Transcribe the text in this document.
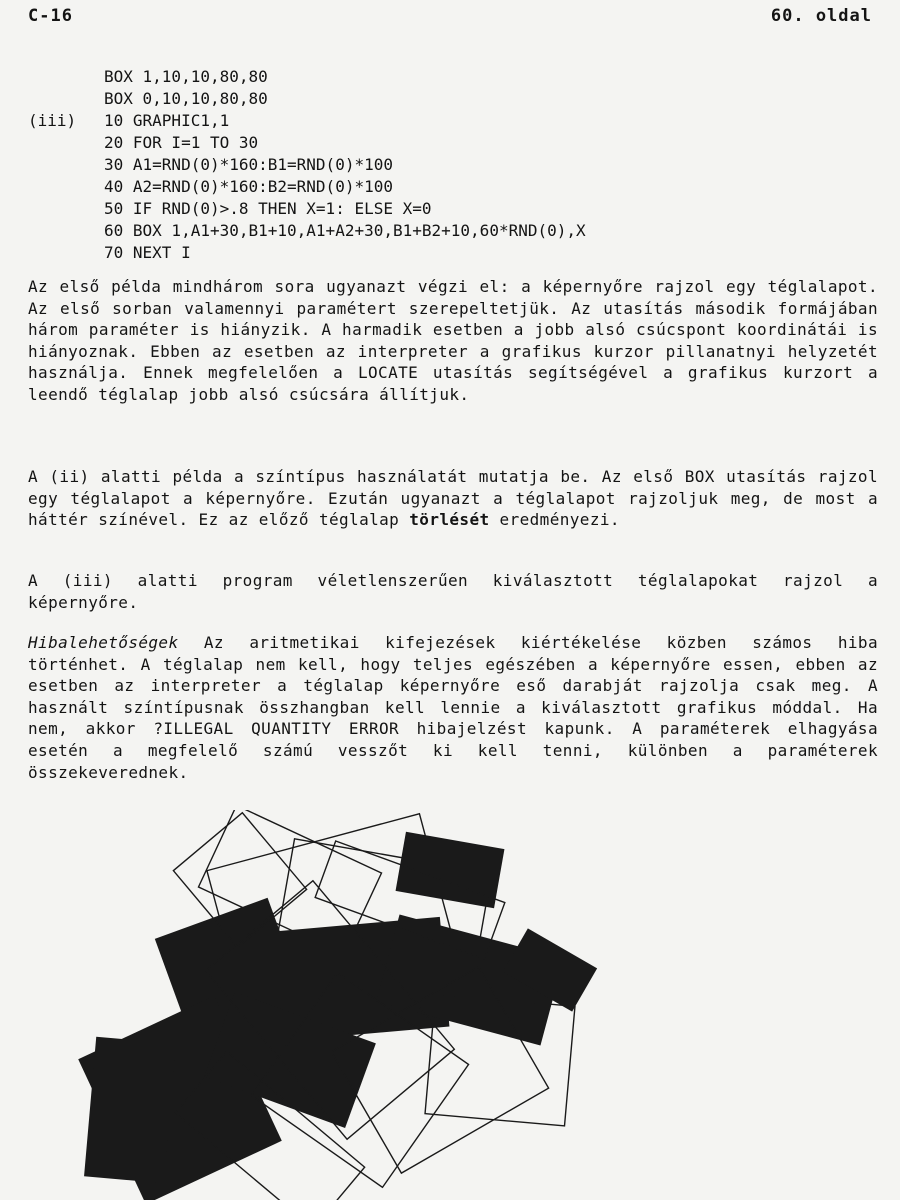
C-16	60. oldal
BOX 1,10,10,80,80
BOX 0,10,10,80,80
(iii)	10 GRAPHIC1,1
20 FOR I=1 TO 30
30 A1=RND(0)*160:B1=RND(0)*100
40 A2=RND(0)*160:B2=RND(0)*100
50 IF RND(0)>.8 THEN X=1: ELSE X=0
60 BOX 1,A1+30,B1+10,A1+A2+30,B1+B2+10,60*RND(0),X
70 NEXT I

Az első példa mindhárom sora ugyanazt végzi el: a képernyőre rajzol egy téglalapot. Az első sorban valamennyi paramétert szerepeltetjük. Az utasítás második formájában három paraméter is hiányzik. A harmadik esetben a jobb alsó csúcspont koordinátái is hiányoznak. Ebben az esetben az interpreter a grafikus kurzor pillanatnyi helyzetét használja. Ennek megfelelően a LOCATE utasítás segítségével a grafikus kurzort a leendő téglalap jobb alsó csúcsára állítjuk.

A (ii) alatti példa a színtípus használatát mutatja be. Az első BOX utasítás rajzol egy téglalapot a képernyőre. Ezután ugyanazt a téglalapot rajzoljuk meg, de most a háttér színével. Ez az előző téglalap törlését eredményezi.

A (iii) alatti program véletlenszerűen kiválasztott téglalapokat rajzol a képernyőre.

Hibalehetőségek Az aritmetikai kifejezések kiértékelése közben számos hiba történhet. A téglalap nem kell, hogy teljes egészében a képernyőre essen, ebben az esetben az interpreter a téglalap képernyőre eső darabját rajzolja csak meg. A használt színtípusnak összhangban kell lennie a kiválasztott grafikus móddal. Ha nem, akkor ?ILLEGAL QUANTITY ERROR hibajelzést kapunk. A paraméterek elhagyása esetén a megfelelő számú vesszőt ki kell tenni, különben a paraméterek összekeverednek.
